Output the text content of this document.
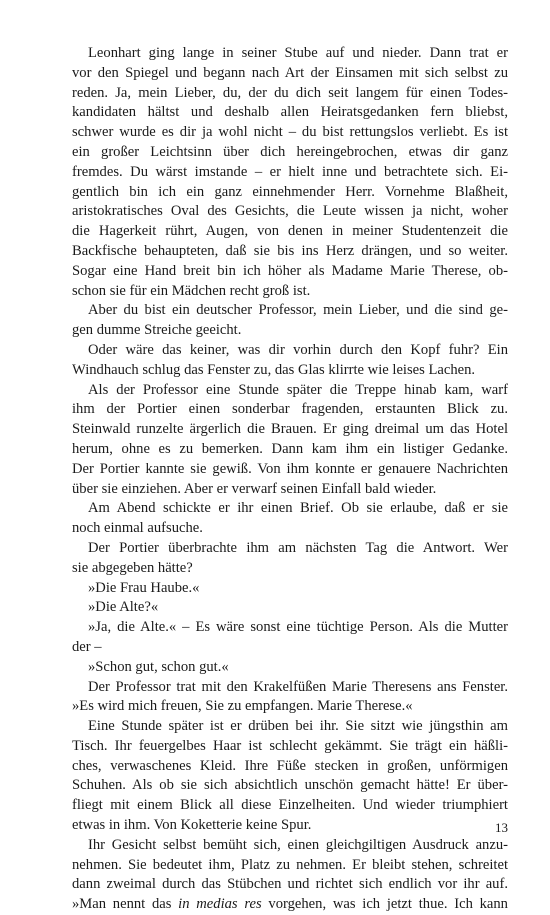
Leonhart ging lange in seiner Stube auf und nieder. Dann trat er
vor den Spiegel und begann nach Art der Einsamen mit sich selbst zu
reden. Ja, mein Lieber, du, der du dich seit langem für einen Todes-
kandidaten hältst und deshalb allen Heiratsgedanken fern bliebst,
schwer wurde es dir ja wohl nicht – du bist rettungslos verliebt. Es ist
ein großer Leichtsinn über dich hereingebrochen, etwas dir ganz
fremdes. Du wärst imstande – er hielt inne und betrachtete sich. Ei-
gentlich bin ich ein ganz einnehmender Herr. Vornehme Blaßheit,
aristokratisches Oval des Gesichts, die Leute wissen ja nicht, woher
die Hagerkeit rührt, Augen, von denen in meiner Studentenzeit die
Backfische behaupteten, daß sie bis ins Herz drängen, und so weiter.
Sogar eine Hand breit bin ich höher als Madame Marie Therese, ob-
schon sie für ein Mädchen recht groß ist.
Aber du bist ein deutscher Professor, mein Lieber, und die sind ge-
gen dumme Streiche geeicht.
Oder wäre das keiner, was dir vorhin durch den Kopf fuhr? Ein
Windhauch schlug das Fenster zu, das Glas klirrte wie leises Lachen.
Als der Professor eine Stunde später die Treppe hinab kam, warf
ihm der Portier einen sonderbar fragenden, erstaunten Blick zu.
Steinwald runzelte ärgerlich die Brauen. Er ging dreimal um das Hotel
herum, ohne es zu bemerken. Dann kam ihm ein listiger Gedanke.
Der Portier kannte sie gewiß. Von ihm konnte er genauere Nachrichten
über sie einziehen. Aber er verwarf seinen Einfall bald wieder.
Am Abend schickte er ihr einen Brief. Ob sie erlaube, daß er sie
noch einmal aufsuche.
Der Portier überbrachte ihm am nächsten Tag die Antwort. Wer
sie abgegeben hätte?
»Die Frau Haube.«
»Die Alte?«
»Ja, die Alte.« – Es wäre sonst eine tüchtige Person. Als die Mutter
der –
»Schon gut, schon gut.«
Der Professor trat mit den Krakelfüßen Marie Theresens ans Fenster.
»Es wird mich freuen, Sie zu empfangen. Marie Therese.«
Eine Stunde später ist er drüben bei ihr. Sie sitzt wie jüngsthin am
Tisch. Ihr feuergelbes Haar ist schlecht gekämmt. Sie trägt ein häßli-
ches, verwaschenes Kleid. Ihre Füße stecken in großen, unförmigen
Schuhen. Als ob sie sich absichtlich unschön gemacht hätte! Er über-
fliegt mit einem Blick all diese Einzelheiten. Und wieder triumphiert
etwas in ihm. Von Koketterie keine Spur.
Ihr Gesicht selbst bemüht sich, einen gleichgiltigen Ausdruck anzu-
nehmen. Sie bedeutet ihm, Platz zu nehmen. Er bleibt stehen, schreitet
dann zweimal durch das Stübchen und richtet sich endlich vor ihr auf.
»Man nennt das in medias res vorgehen, was ich jetzt thue. Ich kann
13
